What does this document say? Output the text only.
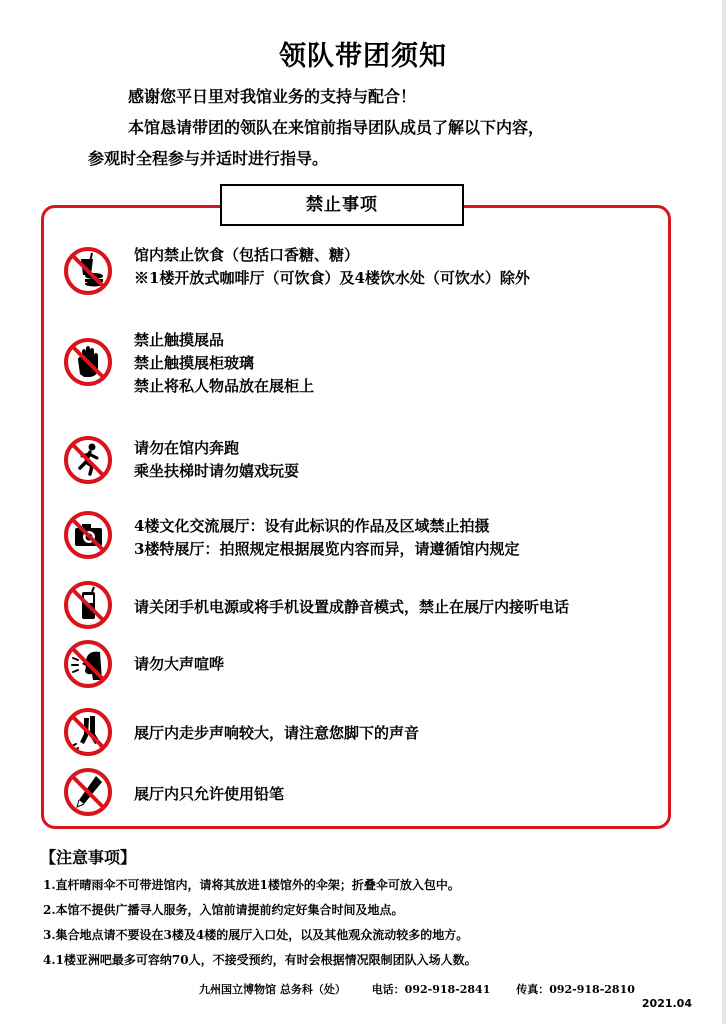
领队带团须知
感谢您平日里对我馆业务的支持与配合！
本馆恳请带团的领队在来馆前指导团队成员了解以下内容，
参观时全程参与并适时进行指导。
禁止事项
馆内禁止饮食（包括口香糖、糖）
※1楼开放式咖啡厅（可饮食）及4楼饮水处（可饮水）除外
禁止触摸展品
禁止触摸展柜玻璃
禁止将私人物品放在展柜上
请勿在馆内奔跑
乘坐扶梯时请勿嬉戏玩耍
4楼文化交流展厅：设有此标识的作品及区域禁止拍摄
3楼特展厅：拍照规定根据展览内容而异，请遵循馆内规定
请关闭手机电源或将手机设置成静音模式，禁止在展厅内接听电话
请勿大声喧哗
展厅内走步声响较大，请注意您脚下的声音
展厅内只允许使用铅笔
【注意事项】
1.直杆晴雨伞不可带进馆内，请将其放进1楼馆外的伞架；折叠伞可放入包中。
2.本馆不提供广播寻人服务，入馆前请提前约定好集合时间及地点。
3.集合地点请不要设在3楼及4楼的展厅入口处，以及其他观众流动较多的地方。
4.1楼亚洲吧最多可容纳70人，不接受预约，有时会根据情况限制团队入场人数。
九州国立博物馆 总务科（处） 电话：092-918-2841 传真：092-918-2810
2021.04
